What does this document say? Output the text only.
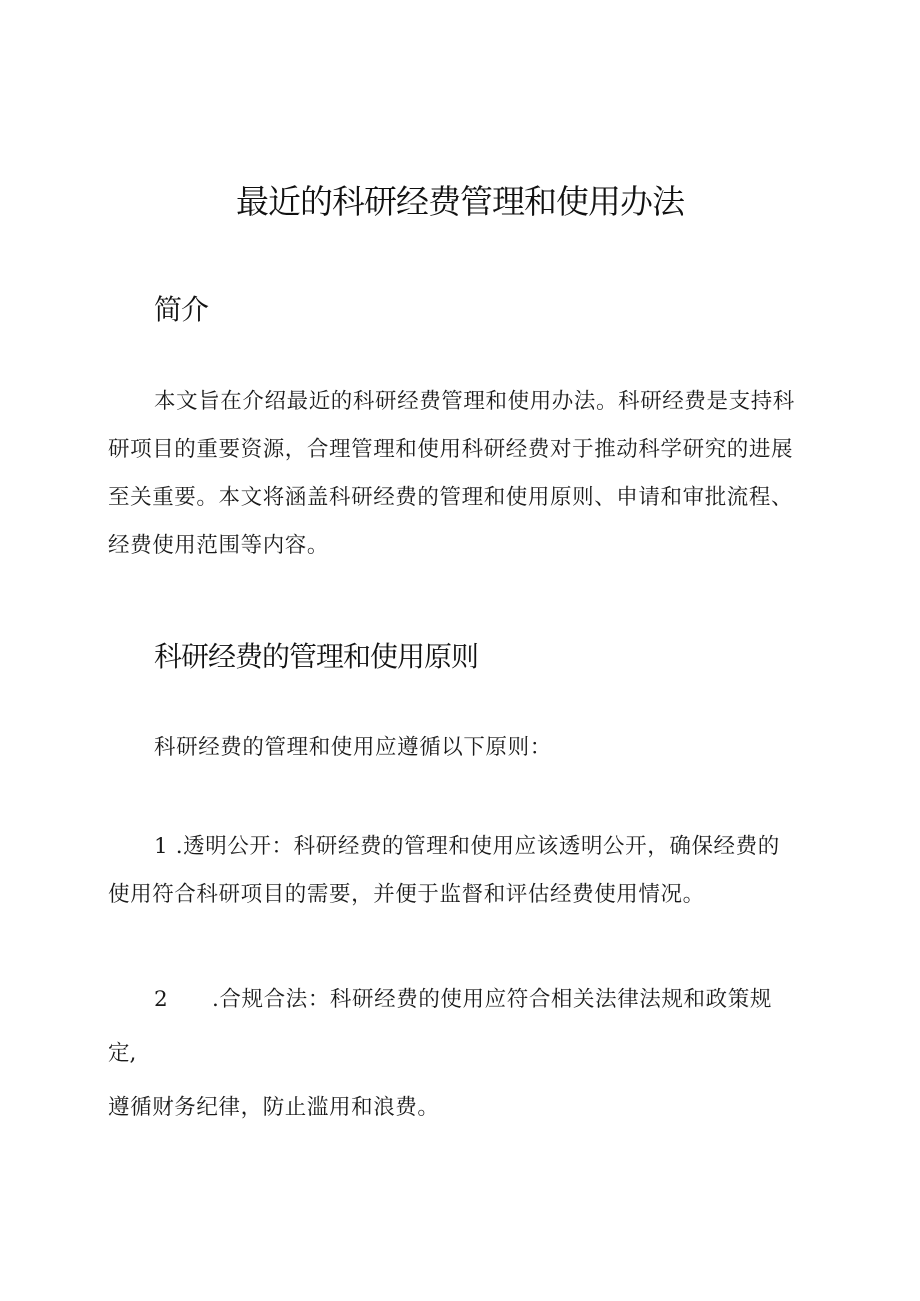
最近的科研经费管理和使用办法
简介

本文旨在介绍最近的科研经费管理和使用办法。科研经费是支持科

研项目的重要资源，合理管理和使用科研经费对于推动科学研究的进展

至关重要。本文将涵盖科研经费的管理和使用原则、申请和审批流程、

经费使用范围等内容。

科研经费的管理和使用原则

科研经费的管理和使用应遵循以下原则：

1 .透明公开：科研经费的管理和使用应该透明公开，确保经费的

使用符合科研项目的需要，并便于监督和评估经费使用情况。

2 .合规合法：科研经费的使用应符合相关法律法规和政策规

定,

遵循财务纪律，防止滥用和浪费。
